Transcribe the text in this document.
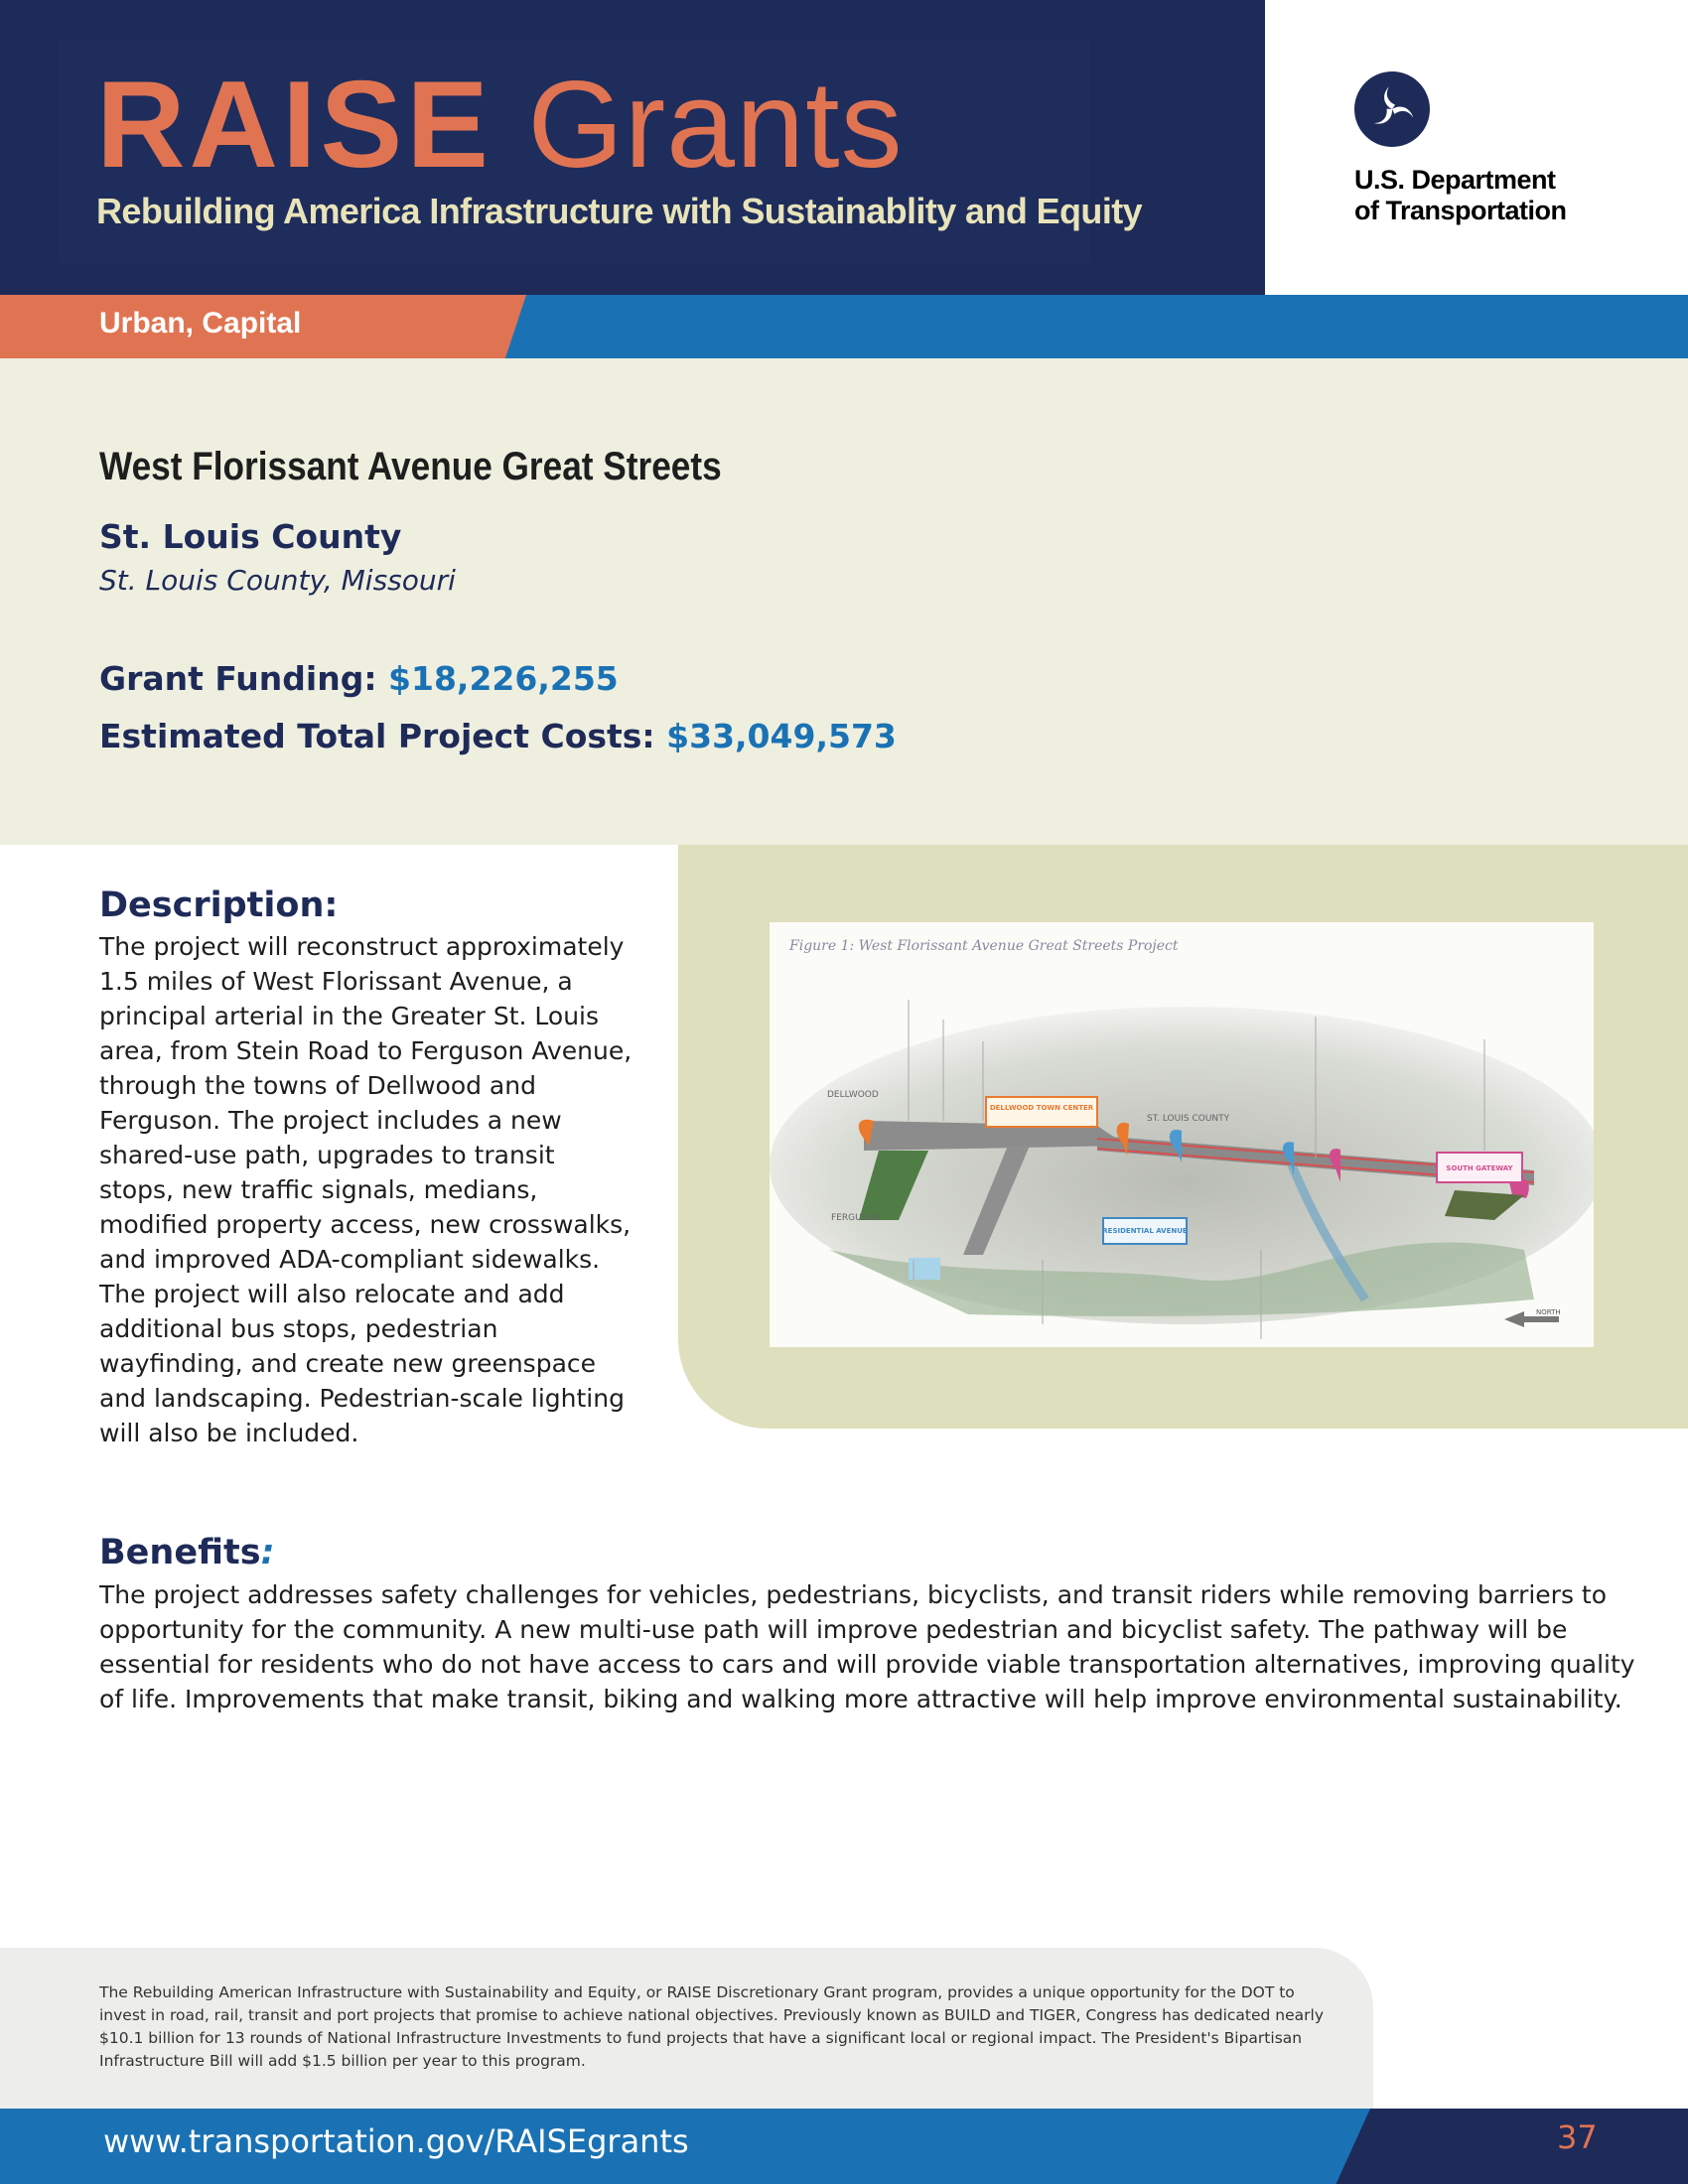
RAISE Grants
Rebuilding America Infrastructure with Sustainablity and Equity
U.S. Department
of Transportation
Urban, Capital
West Florissant Avenue Great Streets
St. Louis County
St. Louis County, Missouri
Grant Funding: $18,226,255
Estimated Total Project Costs: $33,049,573
Figure 1: West Florissant Avenue Great Streets Project
DELLWOOD TOWN CENTER
RESIDENTIAL AVENUE
SOUTH GATEWAY
DELLWOOD
ST. LOUIS COUNTY
FERGUSON
NORTH
Description:

The project will reconstruct approximately 1.5 miles of West Florissant Avenue, a principal arterial in the Greater St. Louis area, from Stein Road to Ferguson Avenue, through the towns of Dellwood and Ferguson. The project includes a new shared-use path, upgrades to transit stops, new traffic signals, medians, modified property access, new crosswalks, and improved ADA-compliant sidewalks. The project will also relocate and add additional bus stops, pedestrian wayfinding, and create new greenspace and landscaping. Pedestrian-scale lighting will also be included.

Benefits:

The project addresses safety challenges for vehicles, pedestrians, bicyclists, and transit riders while removing barriers to opportunity for the community. A new multi-use path will improve pedestrian and bicyclist safety. The pathway will be essential for residents who do not have access to cars and will provide viable transportation alternatives, improving quality of life. Improvements that make transit, biking and walking more attractive will help improve environmental sustainability.

The Rebuilding American Infrastructure with Sustainability and Equity, or RAISE Discretionary Grant program, provides a unique opportunity for the DOT to invest in road, rail, transit and port projects that promise to achieve national objectives. Previously known as BUILD and TIGER, Congress has dedicated nearly $10.1 billion for 13 rounds of National Infrastructure Investments to fund projects that have a significant local or regional impact. The President's Bipartisan Infrastructure Bill will add $1.5 billion per year to this program.

www.transportation.gov/RAISEgrants	37
